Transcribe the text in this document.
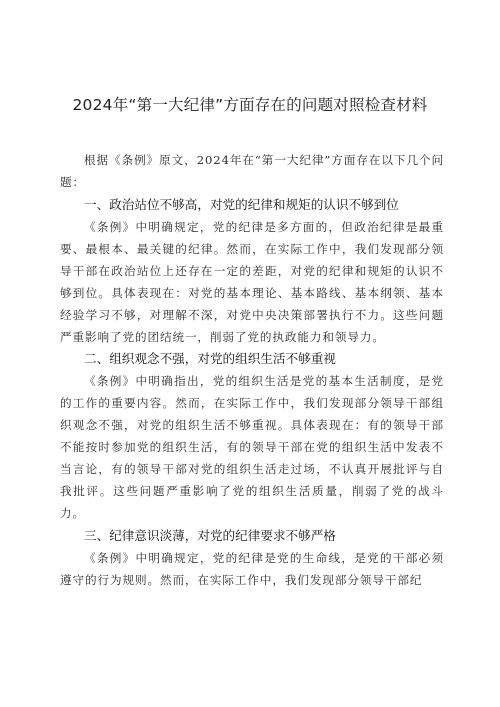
2024年“第一大纪律”方面存在的问题对照检查材料
根据《条例》原文，2024年在“第一大纪律”方面存在以下几个问题：
一、政治站位不够高，对党的纪律和规矩的认识不够到位
《条例》中明确规定，党的纪律是多方面的，但政治纪律是最重要、最根本、最关键的纪律。然而，在实际工作中，我们发现部分领导干部在政治站位上还存在一定的差距，对党的纪律和规矩的认识不够到位。具体表现在：对党的基本理论、基本路线、基本纲领、基本经验学习不够，对理解不深，对党中央决策部署执行不力。这些问题严重影响了党的团结统一，削弱了党的执政能力和领导力。
二、组织观念不强，对党的组织生活不够重视
《条例》中明确指出，党的组织生活是党的基本生活制度，是党的工作的重要内容。然而，在实际工作中，我们发现部分领导干部组织观念不强，对党的组织生活不够重视。具体表现在：有的领导干部不能按时参加党的组织生活，有的领导干部在党的组织生活中发表不当言论，有的领导干部对党的组织生活走过场，不认真开展批评与自我批评。这些问题严重影响了党的组织生活质量，削弱了党的战斗力。
三、纪律意识淡薄，对党的纪律要求不够严格
《条例》中明确规定，党的纪律是党的生命线，是党的干部必须遵守的行为规则。然而，在实际工作中，我们发现部分领导干部纪
